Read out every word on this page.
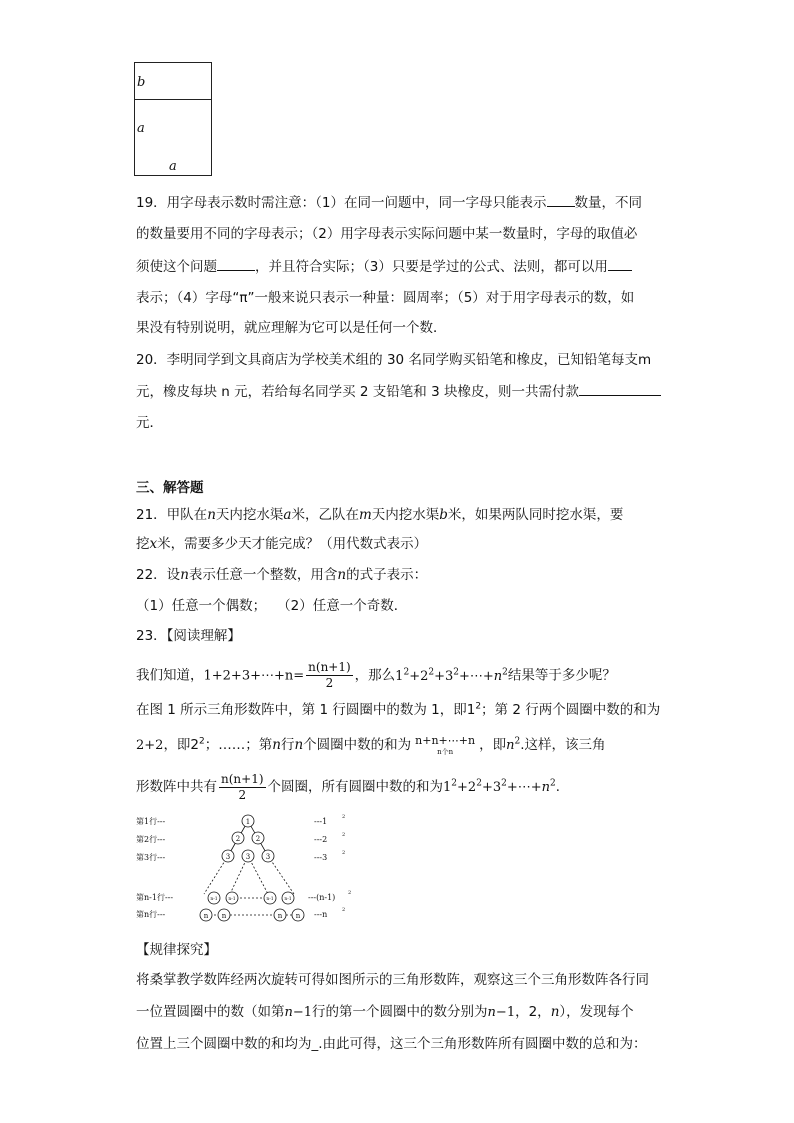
b
a
a
19．用字母表示数时需注意：（1）在同一问题中，同一字母只能表示 数量，不同
的数量要用不同的字母表示；（2）用字母表示实际问题中某一数量时，字母的取值必
须使这个问题	，并且符合实际；（3）只要是学过的公式、法则，都可以用
表示；（4）字母“π”一般来说只表示一种量：圆周率；（5）对于用字母表示的数，如
果没有特别说明，就应理解为它可以是任何一个数．
20．李明同学到文具商店为学校美术组的 30 名同学购买铅笔和橡皮，已知铅笔每支m
元，橡皮每块 n 元，若给每名同学买 2 支铅笔和 3 块橡皮，则一共需付款
元．
三、解答题
21．甲队在n天内挖水渠a米，乙队在m天内挖水渠b米，如果两队同时挖水渠，要
挖x米，需要多少天才能完成？（用代数式表示）
22．设n表示任意一个整数，用含n的式子表示：
（1）任意一个偶数；　 （2）任意一个奇数．
23．【阅读理解】
我们知道，1+2+3+⋯+n= $\frac{n(n+1)}{2}$ ，那么$1^2+2^2+3^2+\cdots+n^2$结果等于多少呢？
在图 1 所示三角形数阵中，第 1 行圆圈中的数为 1，即$1^2$；第 2 行两个圆圈中数的和为
2+2，即$2^2$；……；第n行n个圆圈中数的和为 n+n+⋯+n
n个n	，即$n^2$.这样，该三角
形数阵中共有 $\frac{n(n+1)}{2}$ 个圆圈，所有圆圈中数的和为$1^2+2^2+3^2+\cdots+n^2$.
第1行---
第2行---
第3行---
第n-1行---
第n行---
---1
---2
---3
---(n-1)
---n
2
2
2
2
2
1
2 2
3 3 3
n-1 n-1	n-1 n-1
n n	n n
【规律探究】
将桑掌教学数阵经两次旋转可得如图所示的三角形数阵，观察这三个三角形数阵各行同
一位置圆圈中的数（如第n−1行的第一个圆圈中的数分别为n−1，2，n），发现每个
位置上三个圆圈中数的和均为_.由此可得，这三个三角形数阵所有圆圈中数的总和为：
